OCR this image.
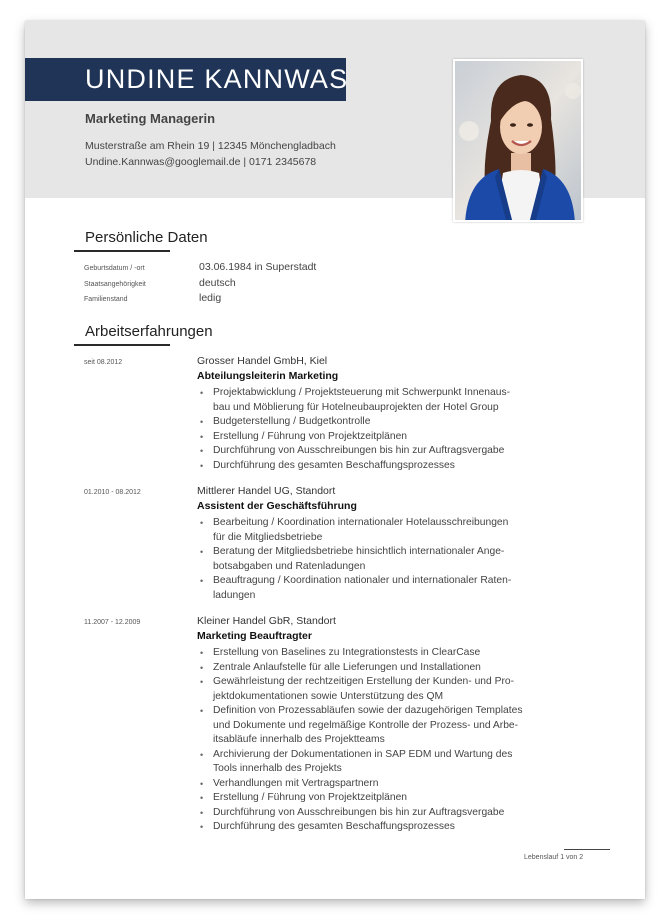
UNDINE KANNWAS
Marketing Managerin
Musterstraße am Rhein 19 | 12345 Mönchengladbach
Undine.Kannwas@googlemail.de | 0171 2345678
Persönliche Daten
Geburtsdatum / -ort	03.06.1984 in Superstadt
Staatsangehörigkeit	deutsch
Familienstand	ledig
Arbeitserfahrungen
seit 08.2012	Grosser Handel GmbH, Kiel
Abteilungsleiterin Marketing
• Projektabwicklung / Projektsteuerung mit Schwerpunkt Innenaus-
bau und Möblierung für Hotelneubauprojekten der Hotel Group
• Budgeterstellung / Budgetkontrolle
• Erstellung / Führung von Projektzeitplänen
• Durchführung von Ausschreibungen bis hin zur Auftragsvergabe
• Durchführung des gesamten Beschaffungsprozesses
01.2010 - 08.2012	Mittlerer Handel UG, Standort
Assistent der Geschäftsführung
• Bearbeitung / Koordination internationaler Hotelausschreibungen
für die Mitgliedsbetriebe
• Beratung der Mitgliedsbetriebe hinsichtlich internationaler Ange-
botsabgaben und Ratenladungen
• Beauftragung / Koordination nationaler und internationaler Raten-
ladungen
11.2007 - 12.2009	Kleiner Handel GbR, Standort
Marketing Beauftragter
• Erstellung von Baselines zu Integrationstests in ClearCase
• Zentrale Anlaufstelle für alle Lieferungen und Installationen
• Gewährleistung der rechtzeitigen Erstellung der Kunden- und Pro-
jektdokumentationen sowie Unterstützung des QM
• Definition von Prozessabläufen sowie der dazugehörigen Templates
und Dokumente und regelmäßige Kontrolle der Prozess- und Arbe-
itsabläufe innerhalb des Projektteams
• Archivierung der Dokumentationen in SAP EDM und Wartung des
Tools innerhalb des Projekts
• Verhandlungen mit Vertragspartnern
• Erstellung / Führung von Projektzeitplänen
• Durchführung von Ausschreibungen bis hin zur Auftragsvergabe
• Durchführung des gesamten Beschaffungsprozesses
Lebenslauf 1 von 2
